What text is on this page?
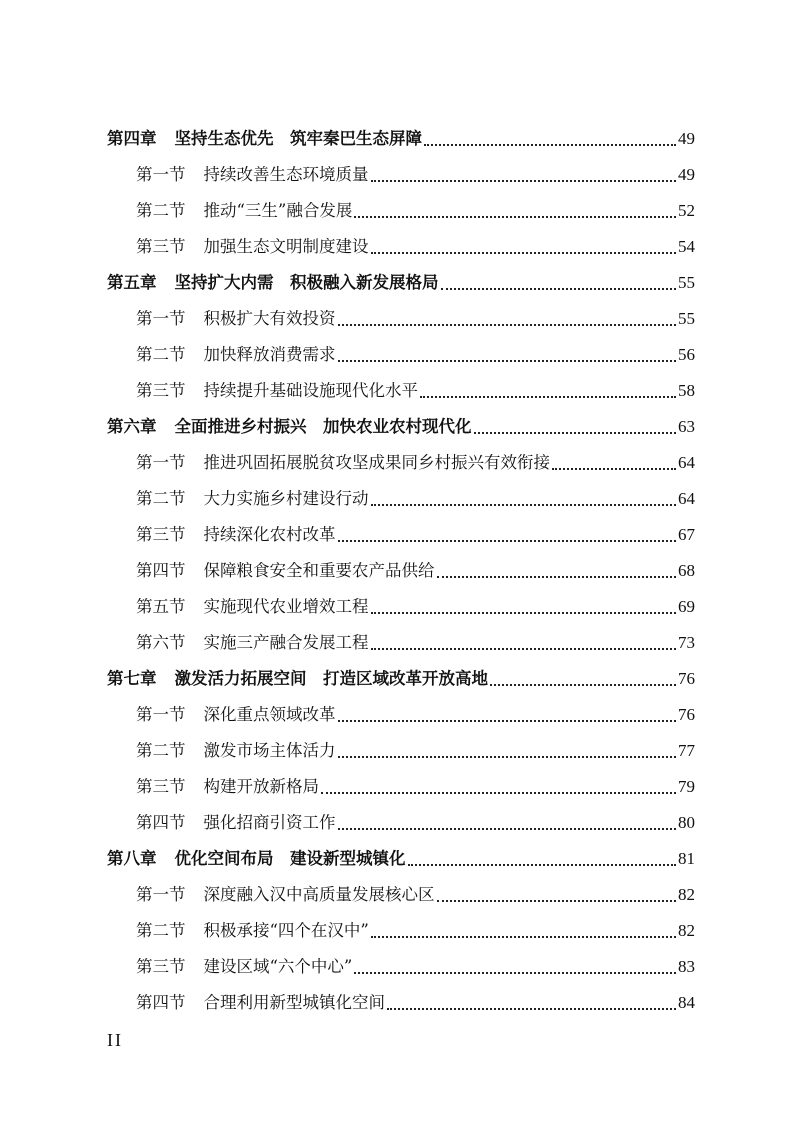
第四章 坚持生态优先　筑牢秦巴生态屏障	49
第一节 持续改善生态环境质量	49
第二节 推动“三生”融合发展	52
第三节 加强生态文明制度建设	54
第五章 坚持扩大内需　积极融入新发展格局	55
第一节 积极扩大有效投资	55
第二节 加快释放消费需求	56
第三节 持续提升基础设施现代化水平	58
第六章 全面推进乡村振兴　加快农业农村现代化	63
第一节 推进巩固拓展脱贫攻坚成果同乡村振兴有效衔接	64
第二节 大力实施乡村建设行动	64
第三节 持续深化农村改革	67
第四节 保障粮食安全和重要农产品供给	68
第五节 实施现代农业增效工程	69
第六节 实施三产融合发展工程	73
第七章 激发活力拓展空间　打造区域改革开放高地	76
第一节 深化重点领域改革	76
第二节 激发市场主体活力	77
第三节 构建开放新格局	79
第四节 强化招商引资工作	80
第八章 优化空间布局　建设新型城镇化	81
第一节 深度融入汉中高质量发展核心区	82
第二节 积极承接“四个在汉中”	82
第三节 建设区域“六个中心”	83
第四节 合理利用新型城镇化空间	84
II
